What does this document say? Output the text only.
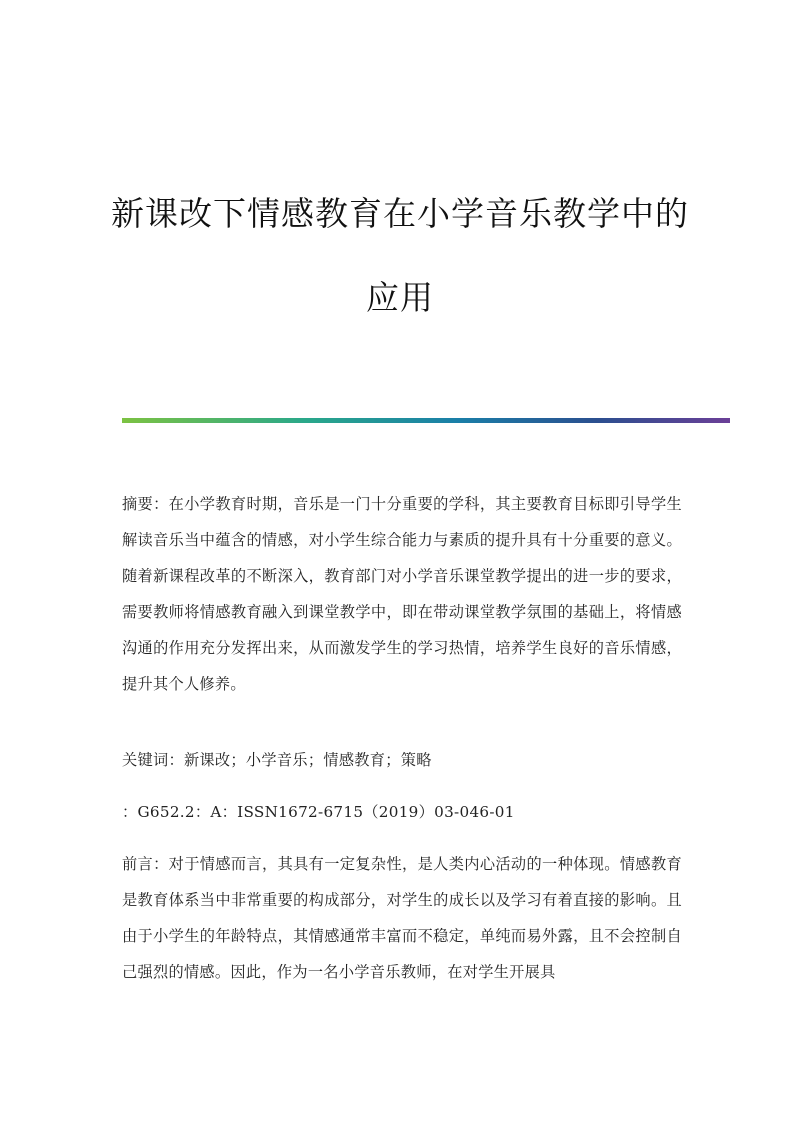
新课改下情感教育在小学音乐教学中的
应用

摘要：在小学教育时期，音乐是一门十分重要的学科，其主要教育目标即引导学生解读音乐当中蕴含的情感，对小学生综合能力与素质的提升具有十分重要的意义。随着新课程改革的不断深入，教育部门对小学音乐课堂教学提出的进一步的要求，需要教师将情感教育融入到课堂教学中，即在带动课堂教学氛围的基础上，将情感沟通的作用充分发挥出来，从而激发学生的学习热情，培养学生良好的音乐情感，提升其个人修养。

关键词：新课改；小学音乐；情感教育；策略

：G652.2：A：ISSN1672-6715（2019）03-046-01

前言：对于情感而言，其具有一定复杂性，是人类内心活动的一种体现。情感教育是教育体系当中非常重要的构成部分，对学生的成长以及学习有着直接的影响。且由于小学生的年龄特点，其情感通常丰富而不稳定，单纯而易外露，且不会控制自己强烈的情感。因此，作为一名小学音乐教师，在对学生开展具
